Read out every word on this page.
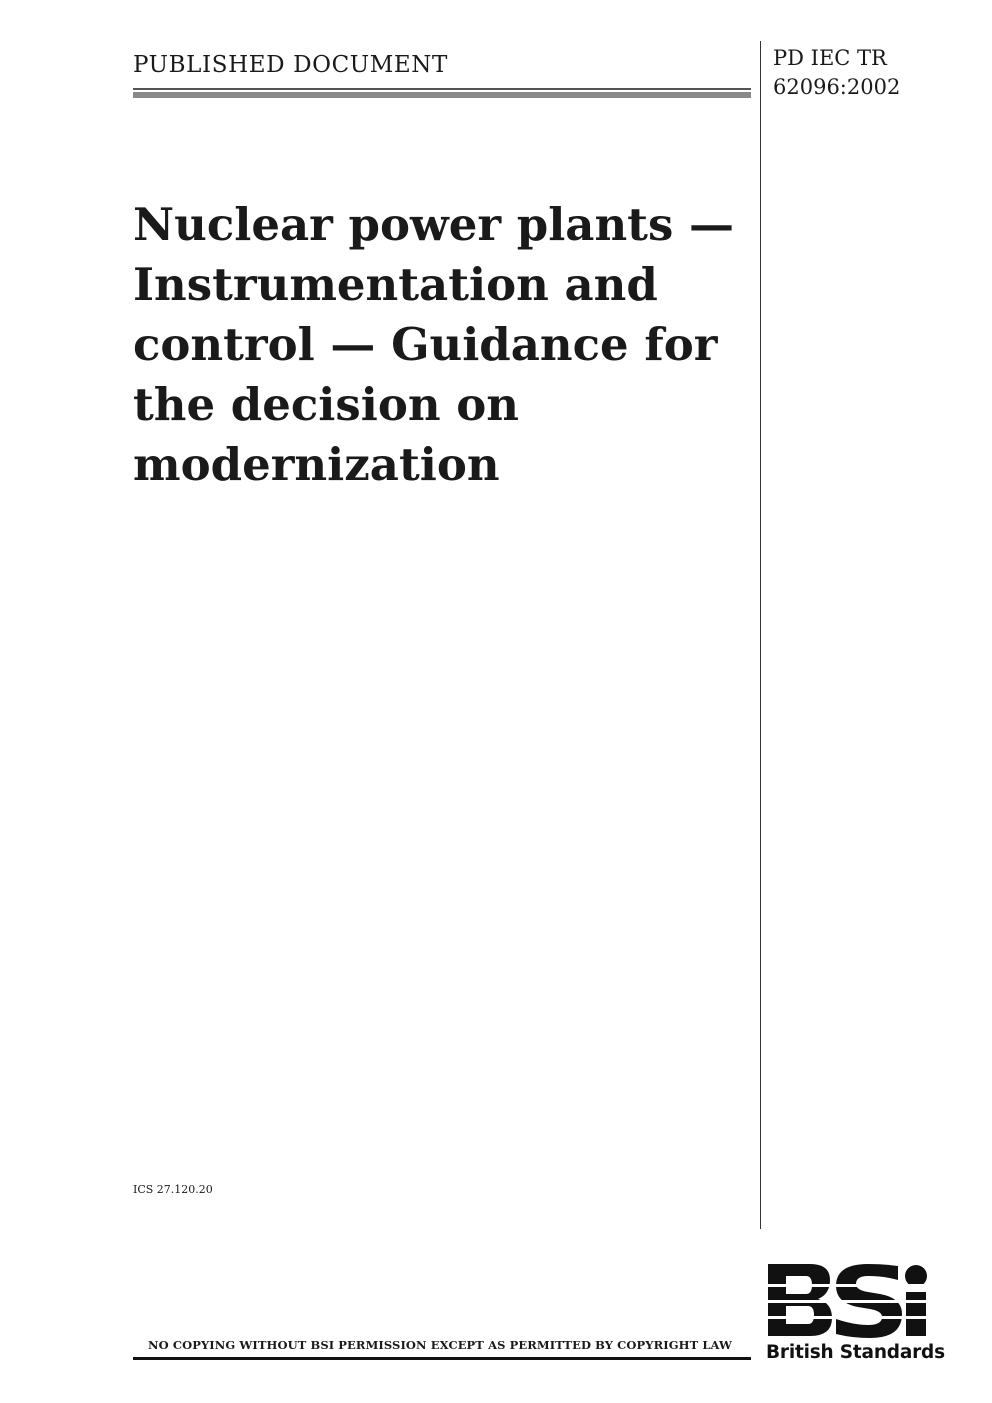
PUBLISHED DOCUMENT	PD IEC TR
62096:2002
Nuclear power plants —
Instrumentation and
control — Guidance for
the decision on
modernization
ICS 27.120.20
NO COPYING WITHOUT BSI PERMISSION EXCEPT AS PERMITTED BY COPYRIGHT LAW British Standards
